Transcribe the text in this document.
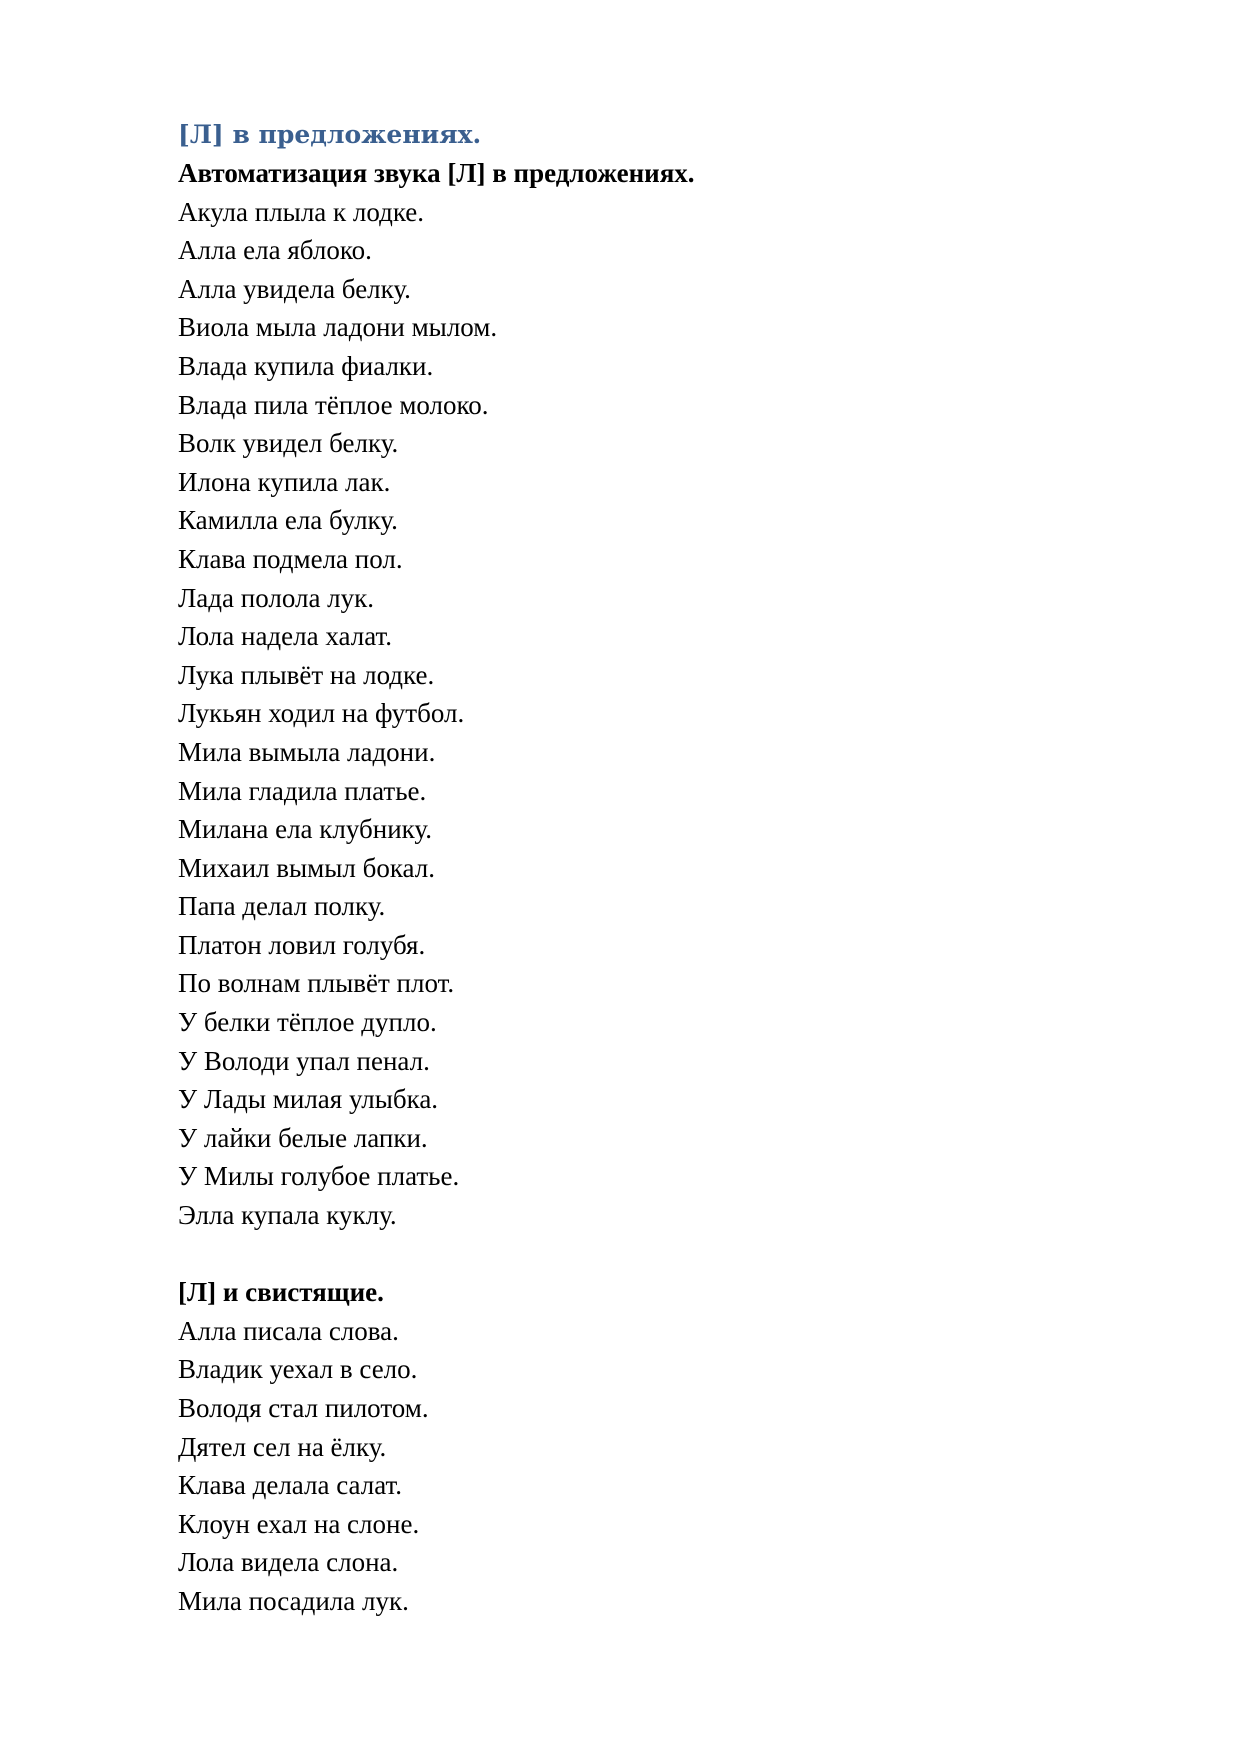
[Л] в предложениях.
Автоматизация звука [Л] в предложениях.
Акула плыла к лодке.
Алла ела яблоко.
Алла увидела белку.
Виола мыла ладони мылом.
Влада купила фиалки.
Влада пила тёплое молоко.
Волк увидел белку.
Илона купила лак.
Камилла ела булку.
Клава подмела пол.
Лада полола лук.
Лола надела халат.
Лука плывёт на лодке.
Лукьян ходил на футбол.
Мила вымыла ладони.
Мила гладила платье.
Милана ела клубнику.
Михаил вымыл бокал.
Папа делал полку.
Платон ловил голубя.
По волнам плывёт плот.
У белки тёплое дупло.
У Володи упал пенал.
У Лады милая улыбка.
У лайки белые лапки.
У Милы голубое платье.
Элла купала куклу.
[Л] и свистящие.
Алла писала слова.
Владик уехал в село.
Володя стал пилотом.
Дятел сел на ёлку.
Клава делала салат.
Клоун ехал на слоне.
Лола видела слона.
Мила посадила лук.
